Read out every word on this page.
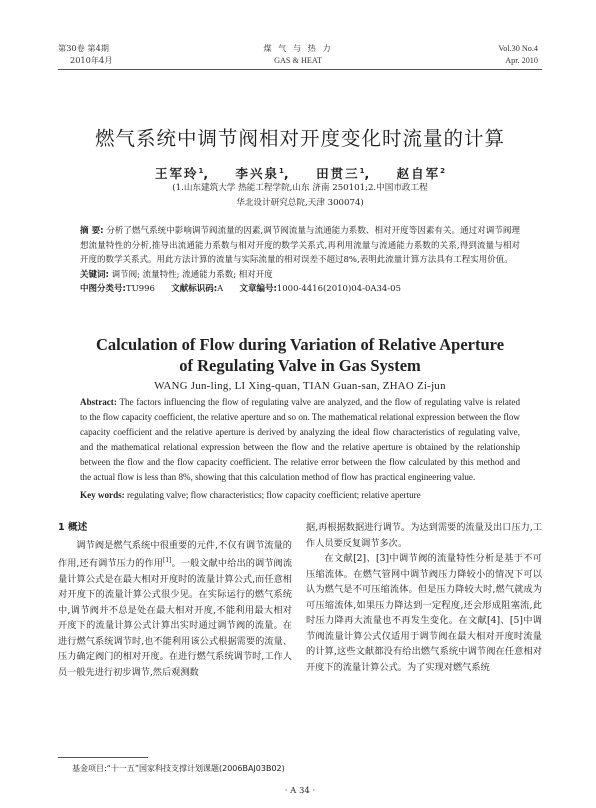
第30卷 第4期
2010年4月
煤 气 与 热 力
GAS & HEAT
Vol.30 No.4
Apr. 2010
燃气系统中调节阀相对开度变化时流量的计算
王军玲$^1$, 李兴泉$^1$, 田贯三$^1$, 赵自军$^2$
(1.山东建筑大学 热能工程学院,山东 济南 250101;2.中国市政工程
华北设计研究总院,天津 300074)
摘 要: 分析了燃气系统中影响调节阀流量的因素,调节阀流量与流通能力系数、相对开度等因素有关。通过对调节阀理想流量特性的分析,推导出流通能力系数与相对开度的数学关系式,再利用流量与流通能力系数的关系,得到流量与相对开度的数学关系式。用此方法计算的流量与实际流量的相对误差不超过8%,表明此流量计算方法具有工程实用价值。
关键词: 调节阀; 流量特性; 流通能力系数; 相对开度
中图分类号:TU996 文献标识码:A 文章编号:1000-4416(2010)04-0A34-05
Calculation of Flow during Variation of Relative Aperture
of Regulating Valve in Gas System
WANG Jun-ling, LI Xing-quan, TIAN Guan-san, ZHAO Zi-jun
Abstract: The factors influencing the flow of regulating valve are analyzed, and the flow of regulating valve is related to the flow capacity coefficient, the relative aperture and so on. The mathematical relational expression between the flow capacity coefficient and the relative aperture is derived by analyzing the ideal flow characteristics of regulating valve, and the mathematical relational expression between the flow and the relative aperture is obtained by the relationship between the flow and the flow capacity coefficient. The relative error between the flow calculated by this method and the actual flow is less than 8%, showing that this calculation method of flow has practical engineering value.
Key words: regulating valve; flow characteristics; flow capacity coefficient; relative aperture
1 概述

调节阀是燃气系统中很重要的元件,不仅有调节流量的作用,还有调节压力的作用[1]。一般文献中给出的调节阀流量计算公式是在最大相对开度时的流量计算公式,而任意相对开度下的流量计算公式很少见。在实际运行的燃气系统中,调节阀并不总是处在最大相对开度,不能利用最大相对开度下的流量计算公式计算出实时通过调节阀的流量。在进行燃气系统调节时,也不能利用该公式根据需要的流量、压力确定阀门的相对开度。在进行燃气系统调节时,工作人员一般先进行初步调节,然后观测数

据,再根据数据进行调节。为达到需要的流量及出口压力,工作人员要反复调节多次。

在文献[2]、[3]中调节阀的流量特性分析是基于不可压缩流体。在燃气管网中调节阀压力降较小的情况下可以认为燃气是不可压缩流体。但是压力降较大时,燃气就成为可压缩流体,如果压力降达到一定程度,还会形成阻塞流,此时压力降再大流量也不再发生变化。在文献[4]、[5]中调节阀流量计算公式仅适用于调节阀在最大相对开度时流量的计算,这些文献都没有给出燃气系统中调节阀在任意相对开度下的流量计算公式。为了实现对燃气系统

基金项目:“十一五”国家科技支撑计划课题(2006BAJ03B02)
· A 34 ·
